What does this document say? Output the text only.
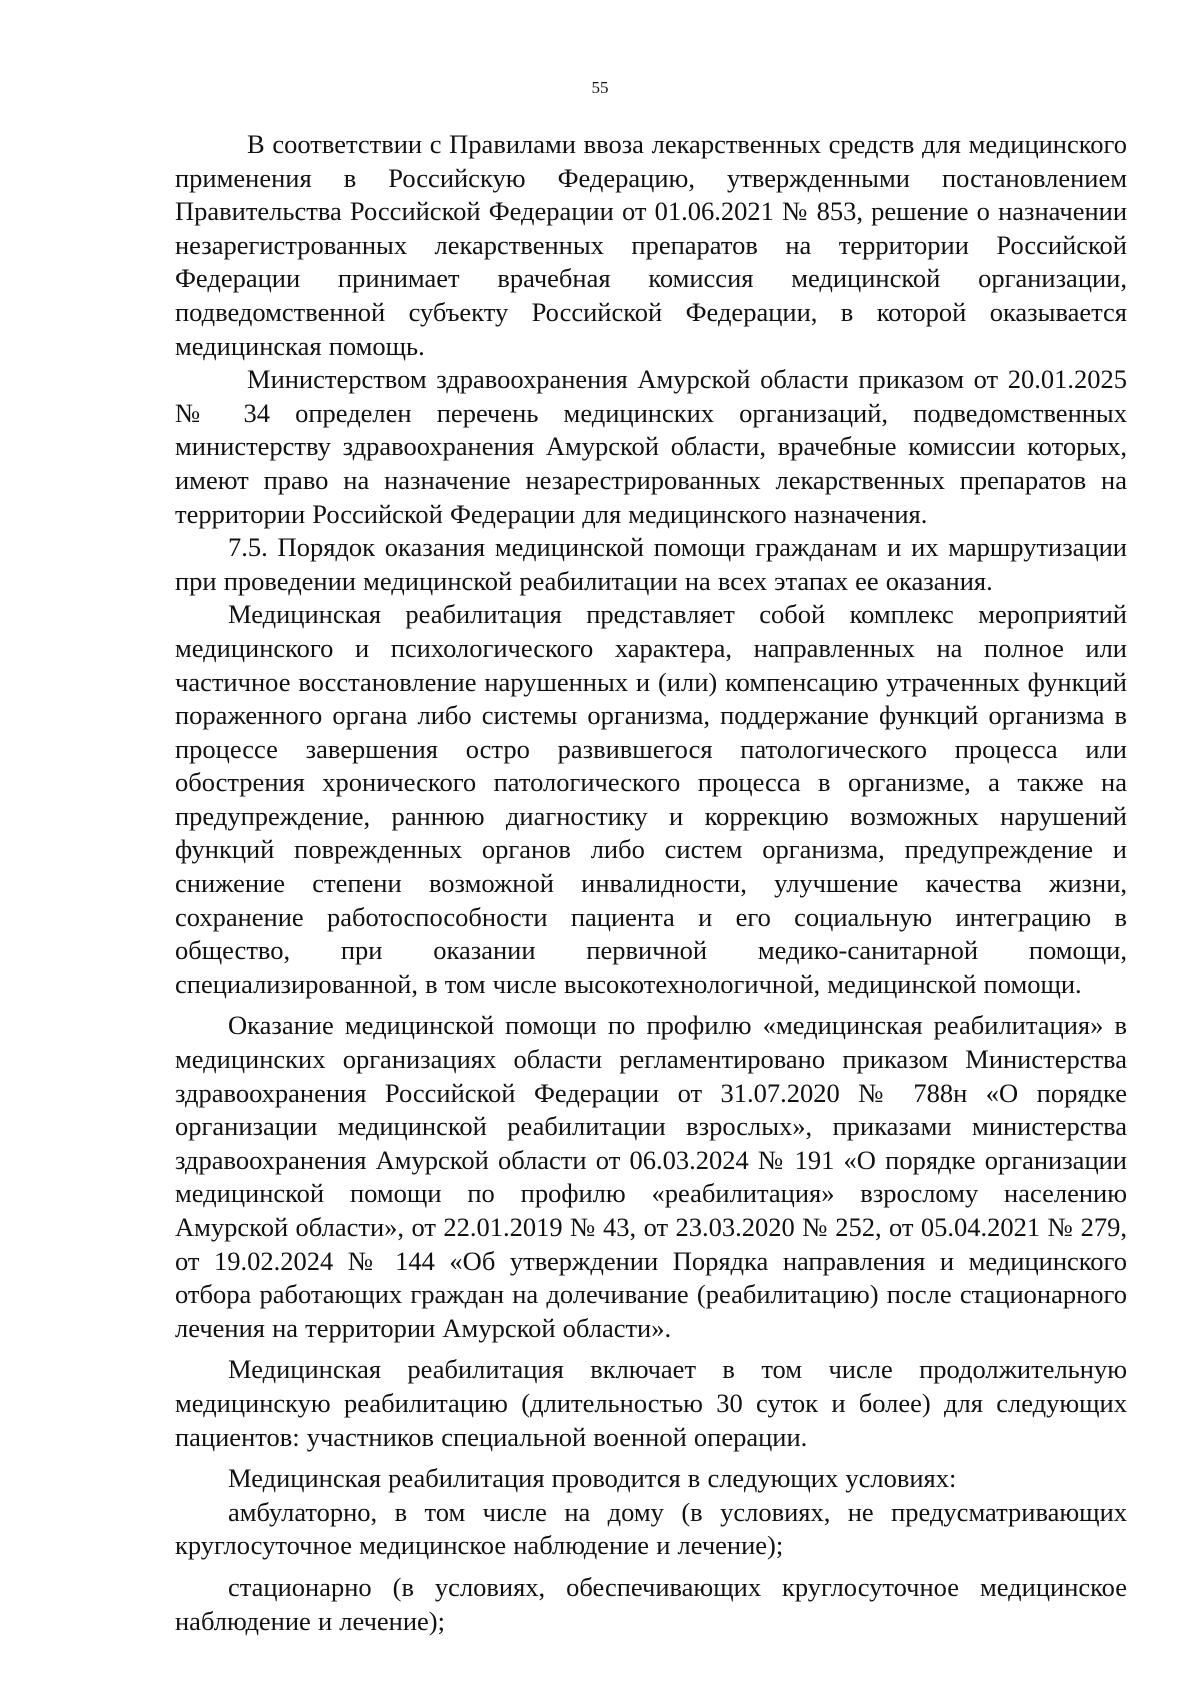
55

В соответствии с Правилами ввоза лекарственных средств для медицинского применения в Российскую Федерацию, утвержденными постановлением Правительства Российской Федерации от 01.06.2021 № 853, решение о назначении незарегистрованных лекарственных препаратов на территории Российской Федерации принимает врачебная комиссия медицинской организации, подведомственной субъекту Российской Федерации, в которой оказывается медицинская помощь.

Министерством здравоохранения Амурской области приказом от 20.01.2025 № 34 определен перечень медицинских организаций, подведомственных министерству здравоохранения Амурской области, врачебные комиссии которых, имеют право на назначение незарестрированных лекарственных препаратов на территории Российской Федерации для медицинского назначения.

7.5. Порядок оказания медицинской помощи гражданам и их маршрутизации при проведении медицинской реабилитации на всех этапах ее оказания.

Медицинская реабилитация представляет собой комплекс мероприятий медицинского и психологического характера, направленных на полное или частичное восстановление нарушенных и (или) компенсацию утраченных функций пораженного органа либо системы организма, поддержание функций организма в процессе завершения остро развившегося патологического процесса или обострения хронического патологического процесса в организме, а также на предупреждение, раннюю диагностику и коррекцию возможных нарушений функций поврежденных органов либо систем организма, предупреждение и снижение степени возможной инвалидности, улучшение качества жизни, сохранение работоспособности пациента и его социальную интеграцию в общество, при оказании первичной медико-санитарной помощи, специализированной, в том числе высокотехнологичной, медицинской помощи.

Оказание медицинской помощи по профилю «медицинская реабилитация» в медицинских организациях области регламентировано приказом Министерства здравоохранения Российской Федерации от 31.07.2020 № 788н «О порядке организации медицинской реабилитации взрослых», приказами министерства здравоохранения Амурской области от 06.03.2024 № 191 «О порядке организации медицинской помощи по профилю «реабилитация» взрослому населению Амурской области», от 22.01.2019 № 43, от 23.03.2020 № 252, от 05.04.2021 № 279, от 19.02.2024 № 144 «Об утверждении Порядка направления и медицинского отбора работающих граждан на долечивание (реабилитацию) после стационарного лечения на территории Амурской области».

Медицинская реабилитация включает в том числе продолжительную медицинскую реабилитацию (длительностью 30 суток и более) для следующих пациентов: участников специальной военной операции.

Медицинская реабилитация проводится в следующих условиях:

амбулаторно, в том числе на дому (в условиях, не предусматривающих круглосуточное медицинское наблюдение и лечение);

стационарно (в условиях, обеспечивающих круглосуточное медицинское наблюдение и лечение);
